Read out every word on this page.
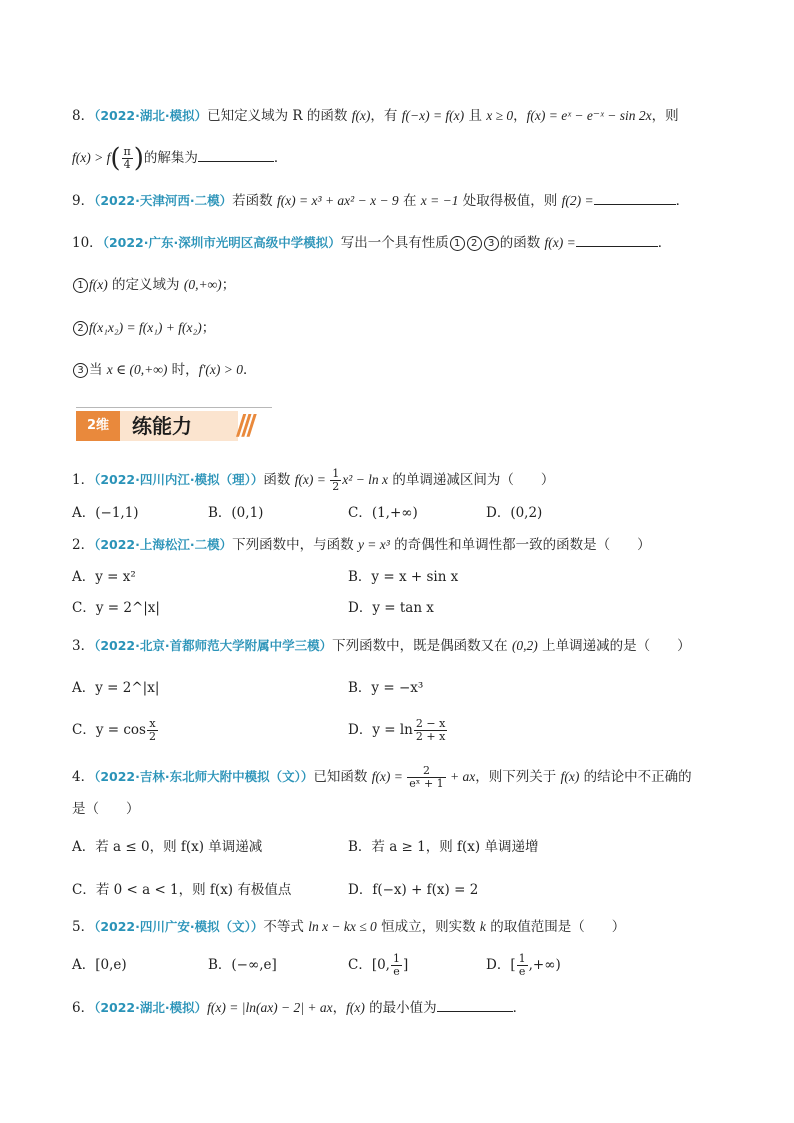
8．（2022·湖北·模拟）已知定义域为 R 的函数 f(x)，有 f(−x) = f(x) 且 x ≥ 0，f(x) = eˣ − e⁻ˣ − sin 2x，则
$f(x) > f( \frac{\pi}{4}$ )的解集为	．
9．（2022·天津河西·二模）若函数 f(x) = x³ + ax² − x − 9 在 x = −1 处取得极值，则 f(2) =	．
10．（2022·广东·深圳市光明区高级中学模拟）写出一个具有性质 1 2 3 的函数 f(x) =	．
1 f(x) 的定义域为 (0,+∞)；
2 f(x₁x₂) = f(x₁) + f(x₂)；
3 当 x ∈ (0,+∞) 时，f′(x) > 0．
练能力
2维	///
1．（2022·四川内江·模拟（理））函数 $f(x) = \frac{1}{2} x^2 - \ln x$ 的单调递减区间为（　　）
A．(−1,1)	B．(0,1)	C．(1,+∞)	D．(0,2)
2．（2022·上海松江·二模）下列函数中，与函数 y = x³ 的奇偶性和单调性都一致的函数是（　　）
A．y = x²	B．y = x + sin x
C．y = 2^|x|	D．y = tan x
3．（2022·北京·首都师范大学附属中学三模）下列函数中，既是偶函数又在 (0,2) 上单调递减的是（　　）
A．y = 2^|x|	B．y = −x³
C．$y = \cos \frac{x}{2}$	D．$y = \ln \frac{2 - x}{2 + x}$
4．（2022·吉林·东北师大附中模拟（文））已知函数 $f(x) = \frac{2}{\text{eˣ + 1}}$ + ax，则下列关于 f(x) 的结论中不正确的
是（　　）
A．若 a ≤ 0，则 f(x) 单调递减	B．若 a ≥ 1，则 f(x) 单调递增
C．若 0 < a < 1，则 f(x) 有极值点	D．f(−x) + f(x) = 2
5．（2022·四川广安·模拟（文））不等式 ln x − kx ≤ 0 恒成立，则实数 k 的取值范围是（　　）
A．[0,e)	B．(−∞,e]	C．[0, $\frac{1}{e}$ ]	D．[ $\frac{1}{e}$ ,+∞)
6．（2022·湖北·模拟）f(x) = |ln(ax) − 2| + ax，f(x) 的最小值为	．
